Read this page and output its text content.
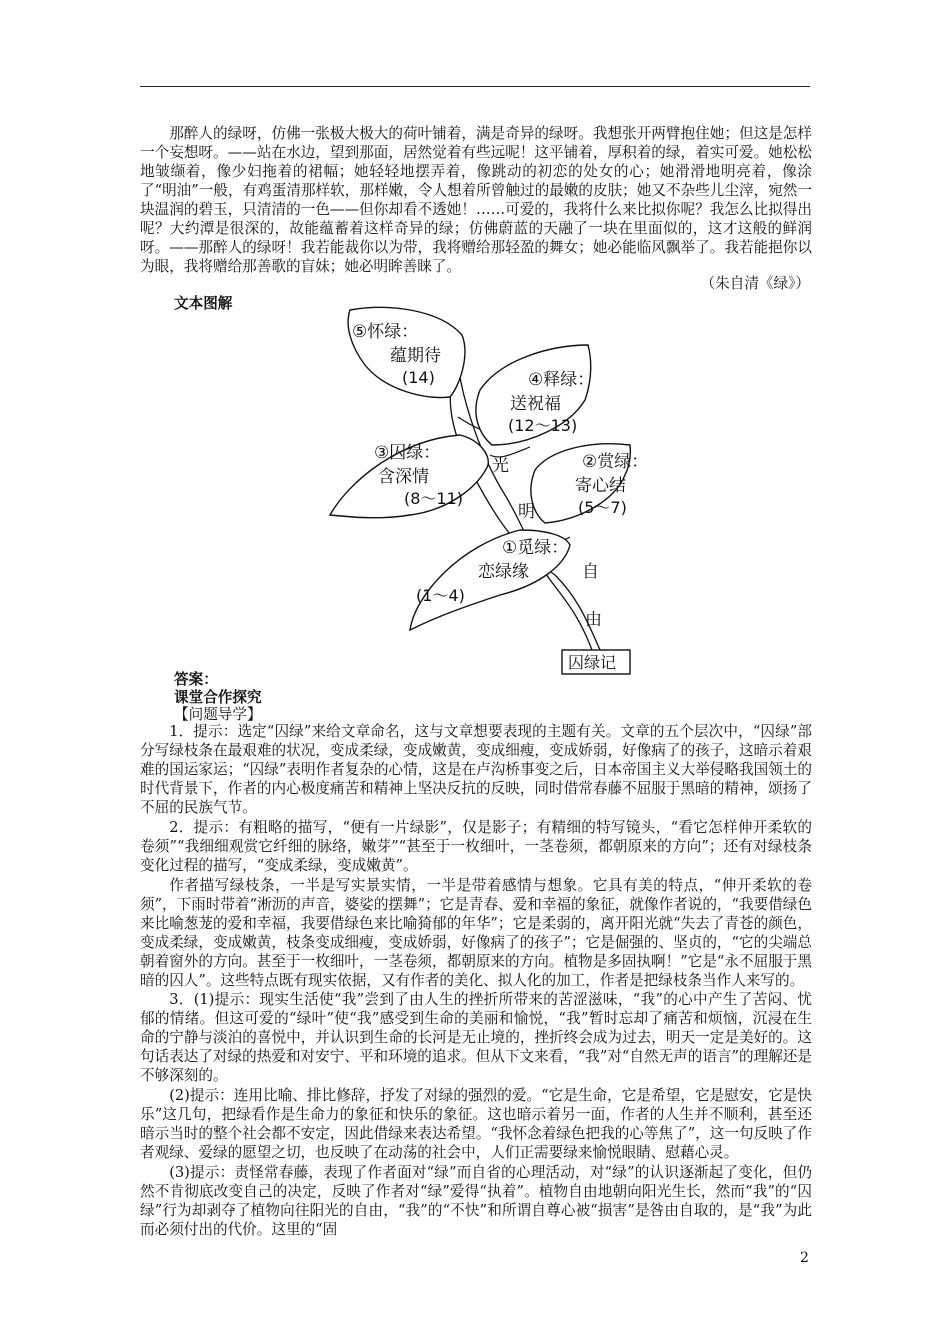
那醉人的绿呀，仿佛一张极大极大的荷叶铺着，满是奇异的绿呀。我想张开两臂抱住她；但这是怎样一个妄想呀。——站在水边，望到那面，居然觉着有些远呢！这平铺着，厚积着的绿，着实可爱。她松松地皱缬着，像少妇拖着的裙幅；她轻轻地摆弄着，像跳动的初恋的处女的心；她滑滑地明亮着，像涂了“明油”一般，有鸡蛋清那样软，那样嫩，令人想着所曾触过的最嫩的皮肤；她又不杂些儿尘滓，宛然一块温润的碧玉，只清清的一色——但你却看不透她！……可爱的，我将什么来比拟你呢？我怎么比拟得出呢？大约潭是很深的，故能蕴蓄着这样奇异的绿；仿佛蔚蓝的天融了一块在里面似的，这才这般的鲜润呀。——那醉人的绿呀！我若能裁你以为带，我将赠给那轻盈的舞女；她必能临风飘举了。我若能挹你以为眼，我将赠给那善歌的盲妹；她必明眸善睐了。

（朱自清《绿》）
文本图解
⑤怀绿：
蕴期待
(14)	④释绿：
送祝福
(12～13)
③囚绿：
含深情
(8～11)
②赏绿：
寄心结
(5～7)
①觅绿：
恋绿缘
(1～4)
光
明
自
由
囚绿记
答案：
课堂合作探究
【问题导学】

1．提示：选定“囚绿”来给文章命名，这与文章想要表现的主题有关。文章的五个层次中，“囚绿”部分写绿枝条在最艰难的状况，变成柔绿，变成嫩黄，变成细瘦，变成娇弱，好像病了的孩子，这暗示着艰难的国运家运；“囚绿”表明作者复杂的心情，这是在卢沟桥事变之后，日本帝国主义大举侵略我国领土的时代背景下，作者的内心极度痛苦和精神上坚决反抗的反映，同时借常春藤不屈服于黑暗的精神，颂扬了不屈的民族气节。

2．提示：有粗略的描写，“便有一片绿影”，仅是影子；有精细的特写镜头，“看它怎样伸开柔软的卷须”“我细细观赏它纤细的脉络，嫩芽”“甚至于一枚细叶，一茎卷须，都朝原来的方向”；还有对绿枝条变化过程的描写，“变成柔绿，变成嫩黄”。

作者描写绿枝条，一半是写实景实情，一半是带着感情与想象。它具有美的特点，“伸开柔软的卷须”，下雨时带着“淅沥的声音，婆娑的摆舞”；它是青春、爱和幸福的象征，就像作者说的，“我要借绿色来比喻葱茏的爱和幸福，我要借绿色来比喻猗郁的年华”；它是柔弱的，离开阳光就“失去了青苍的颜色，变成柔绿，变成嫩黄，枝条变成细瘦，变成娇弱，好像病了的孩子”；它是倔强的、坚贞的，“它的尖端总朝着窗外的方向。甚至于一枚细叶，一茎卷须，都朝原来的方向。植物是多固执啊！”它是“永不屈服于黑暗的囚人”。这些特点既有现实依据，又有作者的美化、拟人化的加工，作者是把绿枝条当作人来写的。

3．(1)提示：现实生活使“我”尝到了由人生的挫折所带来的苦涩滋味，“我”的心中产生了苦闷、忧郁的情绪。但这可爱的“绿叶”使“我”感受到生命的美丽和愉悦，“我”暂时忘却了痛苦和烦恼，沉浸在生命的宁静与淡泊的喜悦中，并认识到生命的长河是无止境的，挫折终会成为过去，明天一定是美好的。这句话表达了对绿的热爱和对安宁、平和环境的追求。但从下文来看，“我”对“自然无声的语言”的理解还是不够深刻的。

(2)提示：连用比喻、排比修辞，抒发了对绿的强烈的爱。“它是生命，它是希望，它是慰安，它是快乐”这几句，把绿看作是生命力的象征和快乐的象征。这也暗示着另一面，作者的人生并不顺利，甚至还暗示当时的整个社会都不安定，因此借绿来表达希望。“我怀念着绿色把我的心等焦了”，这一句反映了作者观绿、爱绿的愿望之切，也反映了在动荡的社会中，人们正需要绿来愉悦眼睛、慰藉心灵。

(3)提示：责怪常春藤，表现了作者面对“绿”而自省的心理活动，对“绿”的认识逐渐起了变化，但仍然不肯彻底改变自己的决定，反映了作者对“绿”爱得“执着”。植物自由地朝向阳光生长，然而“我”的“囚绿”行为却剥夺了植物向往阳光的自由，“我”的“不快”和所谓自尊心被“损害”是咎由自取的，是“我”为此而必须付出的代价。这里的“固

2
